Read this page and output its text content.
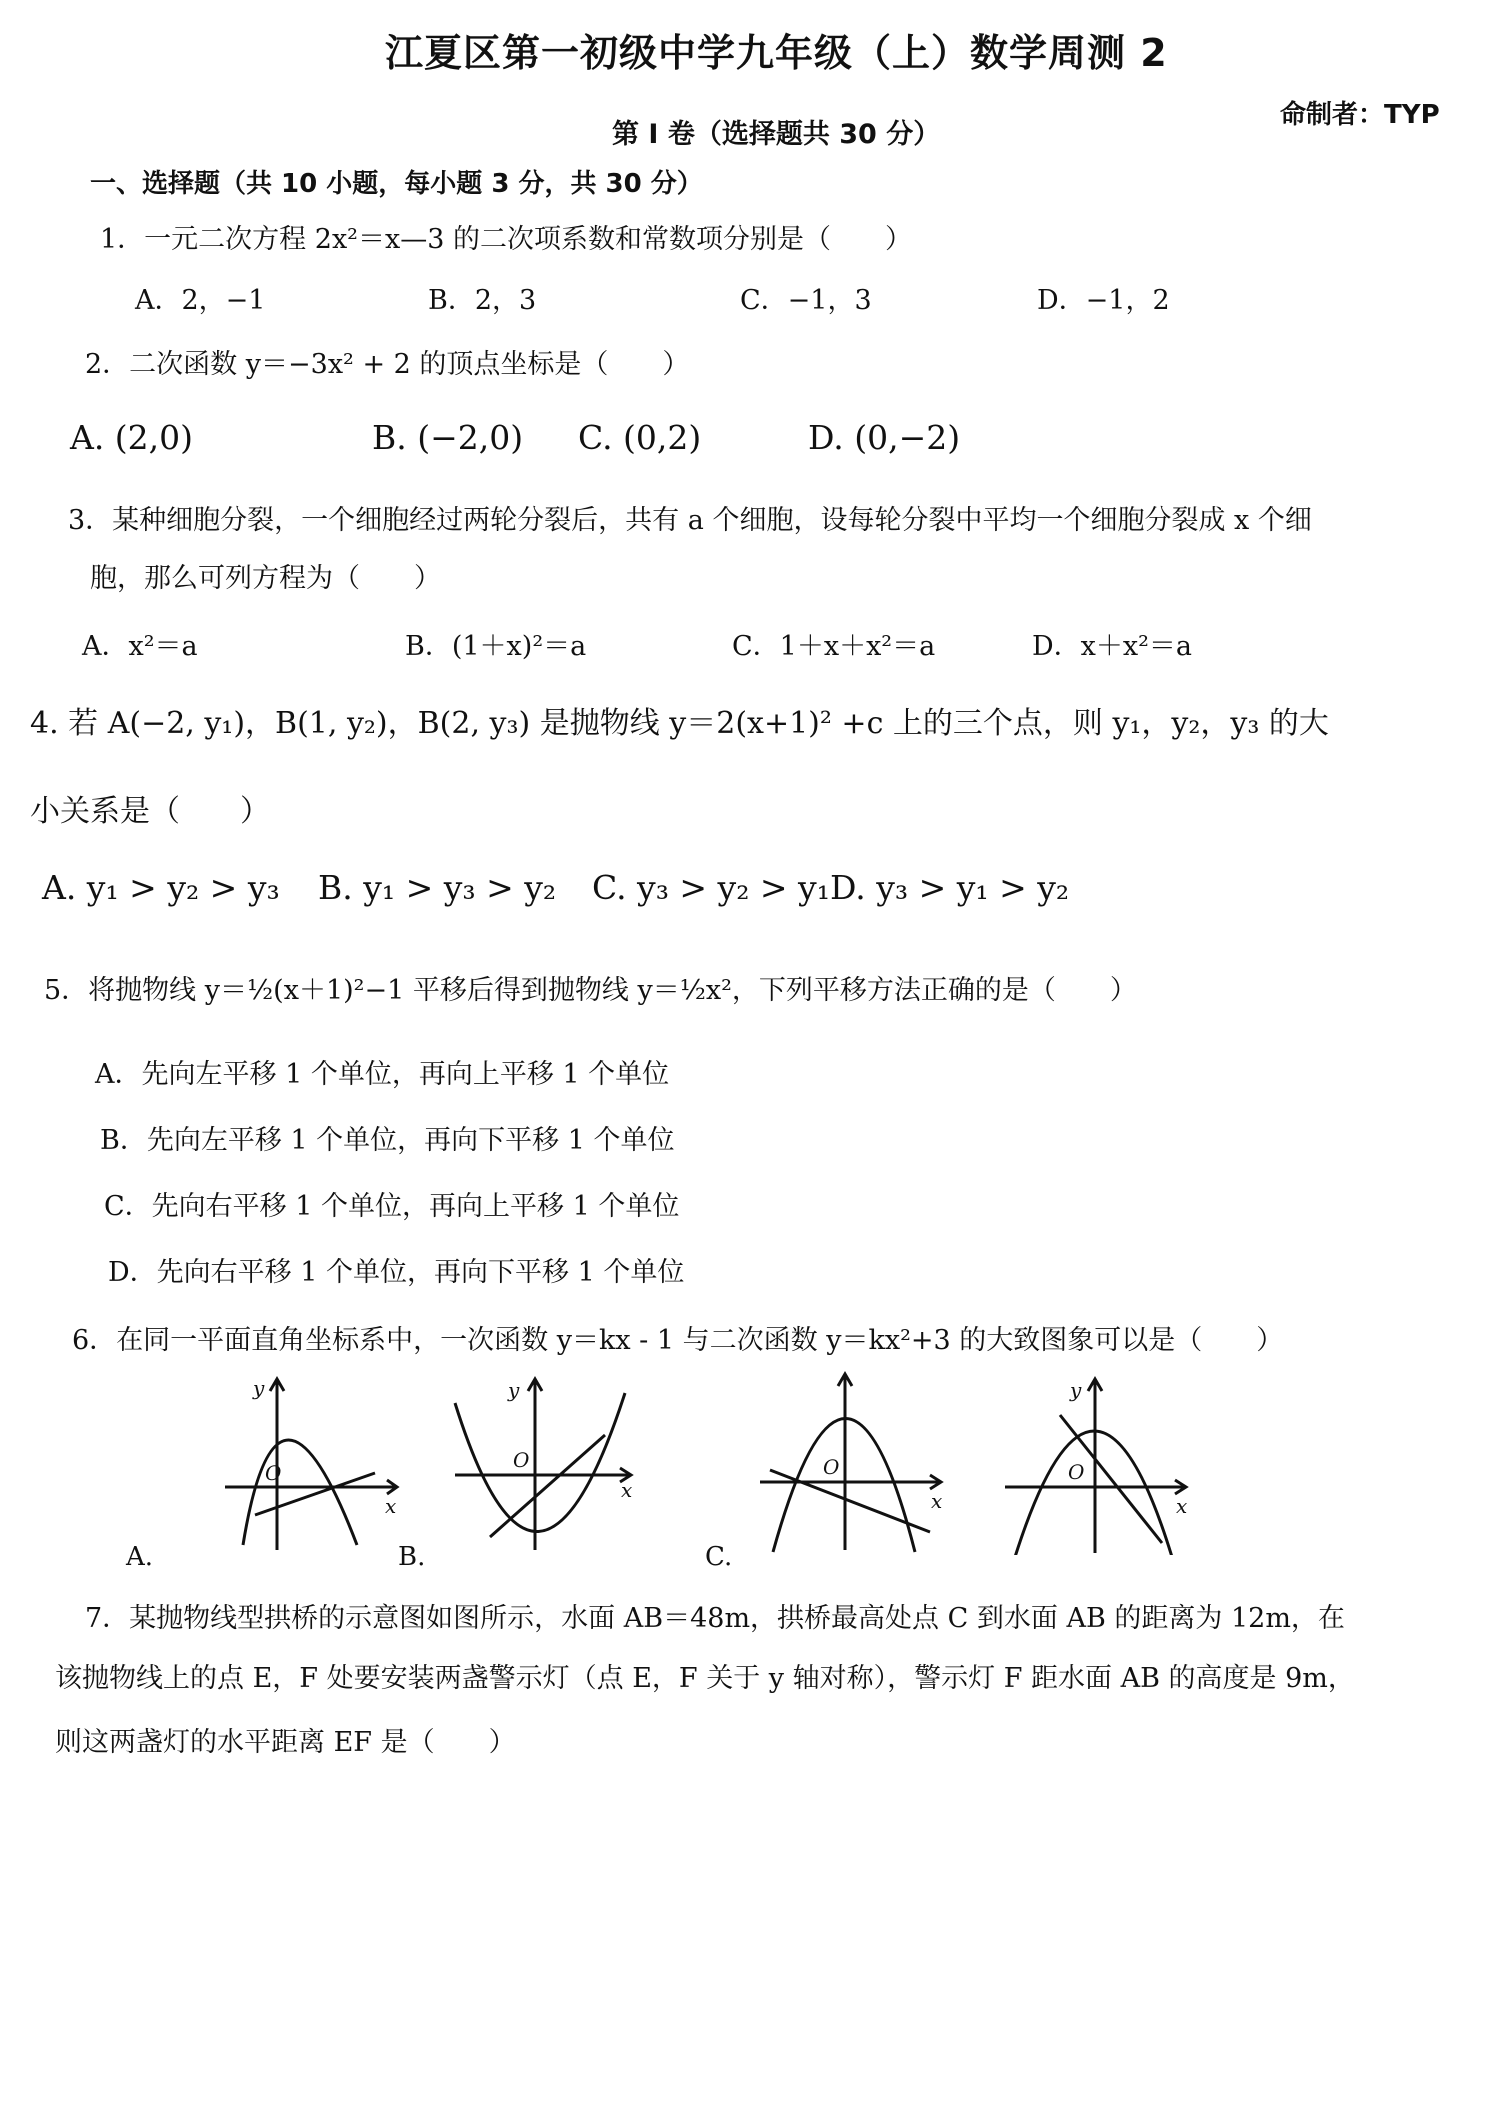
江夏区第一初级中学九年级（上）数学周测 2
命制者：TYP
第 I 卷（选择题共 30 分）
一、选择题（共 10 小题，每小题 3 分，共 30 分）
1．一元二次方程 2x²＝x—3 的二次项系数和常数项分别是（　　）
A．2，−1	B．2，3	C．−1，3	D．−1，2
2．二次函数 y＝−3x² + 2 的顶点坐标是（　　）
A. (2,0)	B. (−2,0) C. (0,2)	D. (0,−2)
3．某种细胞分裂，一个细胞经过两轮分裂后，共有 a 个细胞，设每轮分裂中平均一个细胞分裂成 x 个细
胞，那么可列方程为（　　）
A．x²＝a	B．(1＋x)²＝a	C．1＋x＋x²＝a	D．x＋x²＝a
4. 若 A(−2, y₁)，B(1, y₂)，B(2, y₃) 是抛物线 y＝2(x+1)² +c 上的三个点，则 y₁，y₂，y₃ 的大
小关系是（　　）
A. y₁ > y₂ > y₃ B. y₁ > y₃ > y₂ C. y₃ > y₂ > y₁ D. y₃ > y₁ > y₂
5．将抛物线 y＝½(x＋1)²−1 平移后得到抛物线 y＝½x²，下列平移方法正确的是（　　）
A．先向左平移 1 个单位，再向上平移 1 个单位
B．先向左平移 1 个单位，再向下平移 1 个单位
C．先向右平移 1 个单位，再向上平移 1 个单位
D．先向右平移 1 个单位，再向下平移 1 个单位
6．在同一平面直角坐标系中，一次函数 y＝kx - 1 与二次函数 y＝kx²+3 的大致图象可以是（　　）
O
y
x
A.
O
y
x
B.
O
x
C.
O
y
x
7．某抛物线型拱桥的示意图如图所示，水面 AB＝48m，拱桥最高处点 C 到水面 AB 的距离为 12m，在
该抛物线上的点 E，F 处要安装两盏警示灯（点 E，F 关于 y 轴对称），警示灯 F 距水面 AB 的高度是 9m，
则这两盏灯的水平距离 EF 是（　　）
